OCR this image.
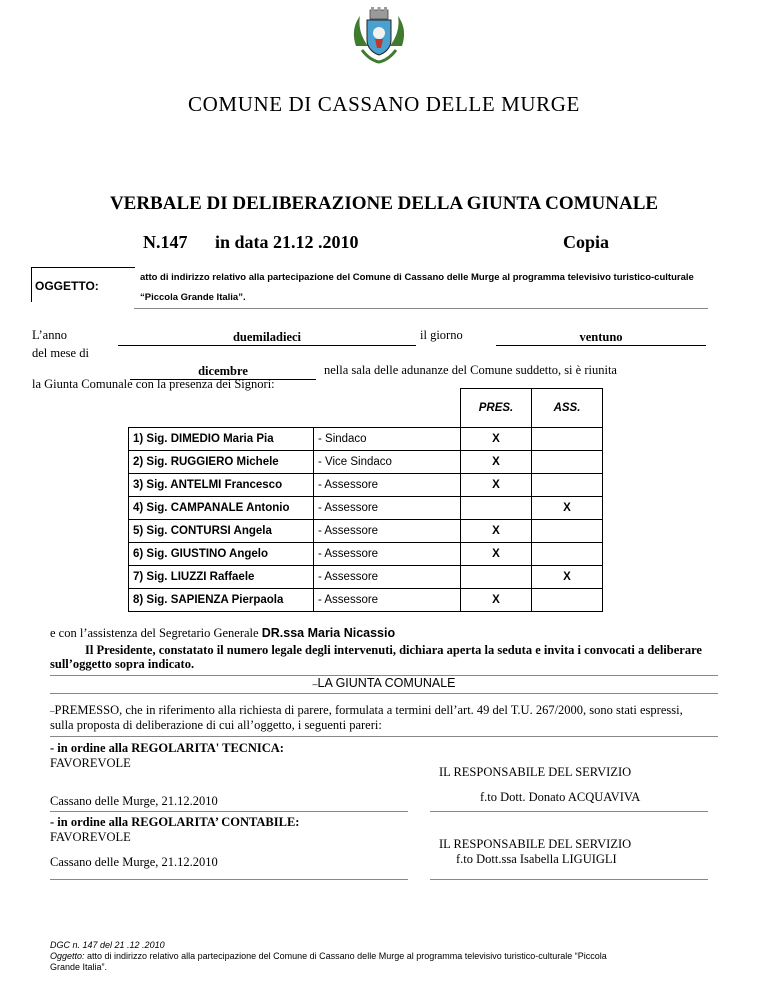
COMUNE DI CASSANO DELLE MURGE
VERBALE DI DELIBERAZIONE DELLA GIUNTA COMUNALE
N.147 in data 21.12 .2010	Copia
OGGETTO:
atto di indirizzo relativo alla partecipazione del Comune di Cassano delle Murge al programma televisivo turistico-culturale
“Piccola Grande Italia”.
L’anno	duemiladieci	il giorno	ventuno
del mese di
dicembre	nella sala delle adunanze del Comune suddetto, si è riunita
la Giunta Comunale con la presenza dei Signori:
		PRES.	ASS.
1) Sig. DIMEDIO Maria Pia	- Sindaco	X	
2) Sig. RUGGIERO Michele	- Vice Sindaco	X	
3) Sig. ANTELMI Francesco	- Assessore	X	
4) Sig. CAMPANALE Antonio	- Assessore		X
5) Sig. CONTURSI Angela	- Assessore	X	
6) Sig. GIUSTINO Angelo	- Assessore	X	
7) Sig. LIUZZI Raffaele	- Assessore		X
8) Sig. SAPIENZA Pierpaola	- Assessore	X	
e con l’assistenza del Segretario Generale DR.ssa Maria Nicassio
Il Presidente, constatato il numero legale degli intervenuti, dichiara aperta la seduta e invita i convocati a deliberare
sull’oggetto sopra indicato.
–LA GIUNTA COMUNALE
–PREMESSO, che in riferimento alla richiesta di parere, formulata a termini dell’art. 49 del T.U. 267/2000, sono stati espressi,
sulla proposta di deliberazione di cui all’oggetto, i seguenti pareri:
- in ordine alla REGOLARITA' TECNICA:
FAVOREVOLE
IL RESPONSABILE DEL SERVIZIO
Cassano delle Murge, 21.12.2010	f.to Dott. Donato ACQUAVIVA
- in ordine alla REGOLARITA’ CONTABILE:
FAVOREVOLE	IL RESPONSABILE DEL SERVIZIO
f.to Dott.ssa Isabella LIGUIGLI
Cassano delle Murge, 21.12.2010
DGC n. 147 del 21 .12 .2010
Oggetto: atto di indirizzo relativo alla partecipazione del Comune di Cassano delle Murge al programma televisivo turistico-culturale “Piccola
Grande Italia”.
